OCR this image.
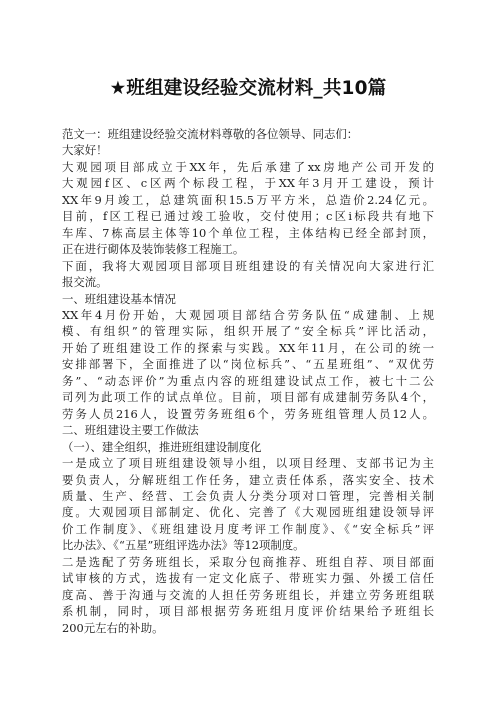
★班组建设经验交流材料_共10篇
范文一：班组建设经验交流材料尊敬的各位领导、同志们：
大家好！
大观园项目部成立于XX年，先后承建了xx房地产公司开发的
大观园f区、c区两个标段工程，于XX年3月开工建设，预计
XX年9月竣工，总建筑面积15.5万平方米，总造价2.24亿元。
目前，f区工程已通过竣工验收，交付使用；c区i标段共有地下
车库、7栋高层主体等10个单位工程，主体结构已经全部封顶，
正在进行砌体及装饰装修工程施工。
下面，我将大观园项目部项目班组建设的有关情况向大家进行汇
报交流。
一、班组建设基本情况
XX年4月份开始，大观园项目部结合劳务队伍“成建制、上规
模、有组织”的管理实际，组织开展了“安全标兵”评比活动，
开始了班组建设工作的探索与实践。XX年11月，在公司的统一
安排部署下，全面推进了以“岗位标兵”、“五星班组”、“双优劳
务”、“动态评价”为重点内容的班组建设试点工作，被七十二公
司列为此项工作的试点单位。目前，项目部有成建制劳务队4个，
劳务人员216人，设置劳务班组6个，劳务班组管理人员12人。
二、班组建设主要工作做法
（一）、建全组织，推进班组建设制度化
一是成立了项目班组建设领导小组，以项目经理、支部书记为主
要负责人，分解班组工作任务，建立责任体系，落实安全、技术
质量、生产、经营、工会负责人分类分项对口管理，完善相关制
度。大观园项目部制定、优化、完善了《大观园班组建设领导评
价工作制度》、《班组建设月度考评工作制度》、《“安全标兵”评
比办法》、《“五星”班组评选办法》等12项制度。
二是选配了劳务班组长，采取分包商推荐、班组自荐、项目部面
试审核的方式，选拔有一定文化底子、带班实力强、外援工信任
度高、善于沟通与交流的人担任劳务班组长，并建立劳务班组联
系机制，同时，项目部根据劳务班组月度评价结果给予班组长
200元左右的补助。
